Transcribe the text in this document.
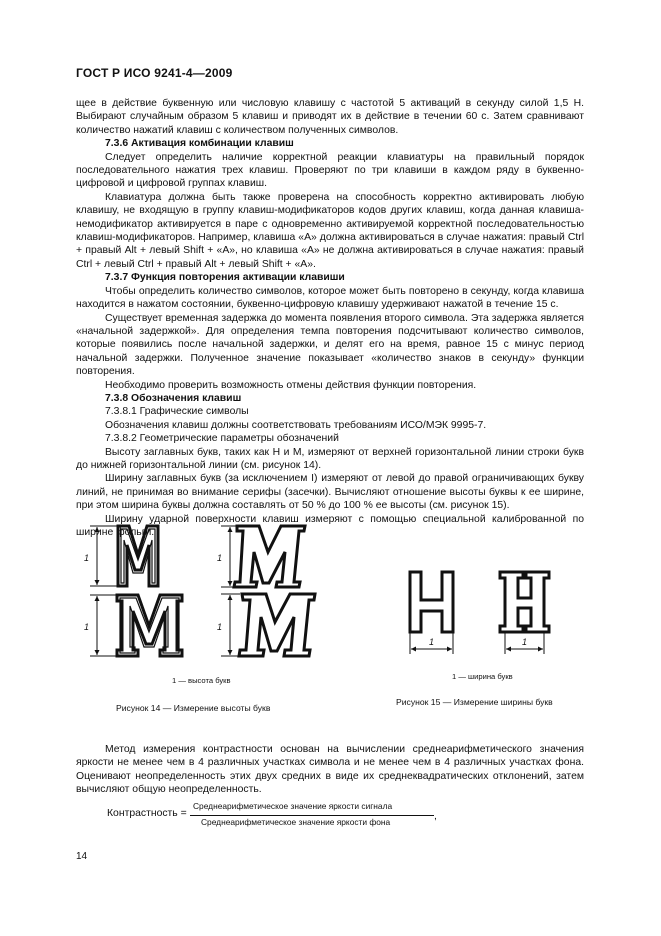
ГОСТ Р ИСО 9241-4—2009

щее в действие буквенную или числовую клавишу с частотой 5 активаций в секунду силой 1,5 Н. Выбирают случайным образом 5 клавиш и приводят их в действие в течении 60 с. Затем сравнивают количество нажатий клавиш с количеством полученных символов.

7.3.6 Активация комбинации клавиш

Следует определить наличие корректной реакции клавиатуры на правильный порядок последовательного нажатия трех клавиш. Проверяют по три клавиши в каждом ряду в буквенно-цифровой и цифровой группах клавиш.

Клавиатура должна быть также проверена на способность корректно активировать любую клавишу, не входящую в группу клавиш-модификаторов кодов других клавиш, когда данная клавиша-немодификатор активируется в паре с одновременно активируемой корректной последовательностью клавиш-модификаторов. Например, клавиша «А» должна активироваться в случае нажатия: правый Ctrl + правый Alt + левый Shift + «А», но клавиша «А» не должна активироваться в случае нажатия: правый Ctrl + левый Ctrl + правый Alt + левый Shift + «А».

7.3.7 Функция повторения активации клавиши

Чтобы определить количество символов, которое может быть повторено в секунду, когда клавиша находится в нажатом состоянии, буквенно-цифровую клавишу удерживают нажатой в течение 15 с.

Существует временная задержка до момента появления второго символа. Эта задержка является «начальной задержкой». Для определения темпа повторения подсчитывают количество символов, которые появились после начальной задержки, и делят его на время, равное 15 с минус период начальной задержки. Полученное значение показывает «количество знаков в секунду» функции повторения.

Необходимо проверить возможность отмены действия функции повторения.

7.3.8 Обозначения клавиш

7.3.8.1 Графические символы

Обозначения клавиш должны соответствовать требованиям ИСО/МЭК 9995-7.

7.3.8.2 Геометрические параметры обозначений

Высоту заглавных букв, таких как Н и М, измеряют от верхней горизонтальной линии строки букв до нижней горизонтальной линии (см. рисунок 14).

Ширину заглавных букв (за исключением I) измеряют от левой до правой ограничивающих букву линий, не принимая во внимание серифы (засечки). Вычисляют отношение высоты буквы к ее ширине, при этом ширина буквы должна составлять от 50 % до 100 % ее высоты (см. рисунок 15).

Ширину ударной поверхности клавиш измеряют с помощью специальной калиброванной по ширине фольги.

1
1
1
1
1	1
1 — высота букв
Рисунок 14 — Измерение высоты букв
1 — ширина букв
Рисунок 15 — Измерение ширины букв

Метод измерения контрастности основан на вычислении среднеарифметического значения яркости не менее чем в 4 различных участках символа и не менее чем в 4 различных участках фона. Оценивают неопределенность этих двух средних в виде их среднеквадратических отклонений, затем вычисляют общую неопределенность.

Контрастность =
Среднеарифметическое значение яркости сигнала
Среднеарифметическое значение яркости фона	,
14
